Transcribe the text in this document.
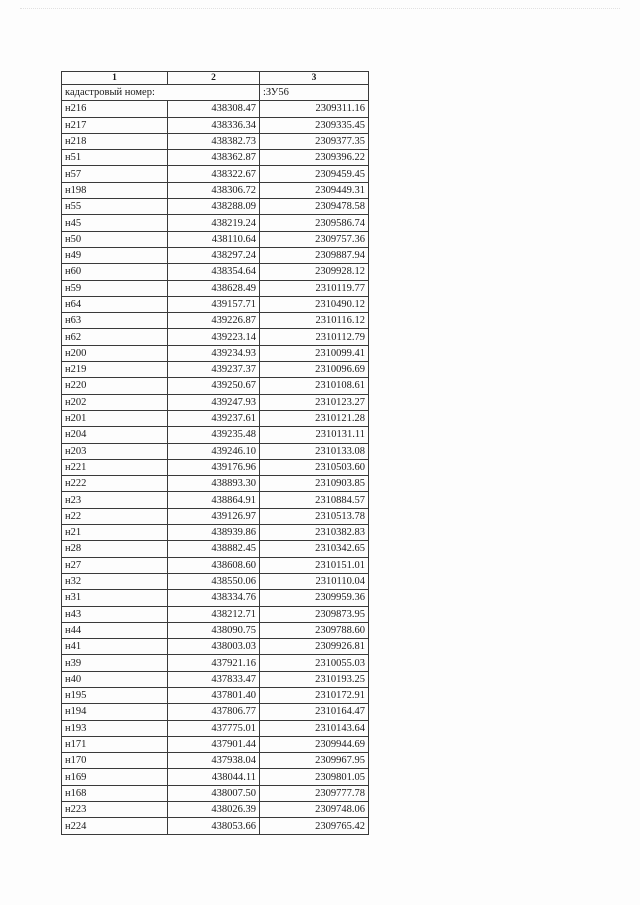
1	2	3
кадастровый номер:		:ЗУ56
н216	438308.47	2309311.16
н217	438336.34	2309335.45
н218	438382.73	2309377.35
н51	438362.87	2309396.22
н57	438322.67	2309459.45
н198	438306.72	2309449.31
н55	438288.09	2309478.58
н45	438219.24	2309586.74
н50	438110.64	2309757.36
н49	438297.24	2309887.94
н60	438354.64	2309928.12
н59	438628.49	2310119.77
н64	439157.71	2310490.12
н63	439226.87	2310116.12
н62	439223.14	2310112.79
н200	439234.93	2310099.41
н219	439237.37	2310096.69
н220	439250.67	2310108.61
н202	439247.93	2310123.27
н201	439237.61	2310121.28
н204	439235.48	2310131.11
н203	439246.10	2310133.08
н221	439176.96	2310503.60
н222	438893.30	2310903.85
н23	438864.91	2310884.57
н22	439126.97	2310513.78
н21	438939.86	2310382.83
н28	438882.45	2310342.65
н27	438608.60	2310151.01
н32	438550.06	2310110.04
н31	438334.76	2309959.36
н43	438212.71	2309873.95
н44	438090.75	2309788.60
н41	438003.03	2309926.81
н39	437921.16	2310055.03
н40	437833.47	2310193.25
н195	437801.40	2310172.91
н194	437806.77	2310164.47
н193	437775.01	2310143.64
н171	437901.44	2309944.69
н170	437938.04	2309967.95
н169	438044.11	2309801.05
н168	438007.50	2309777.78
н223	438026.39	2309748.06
н224	438053.66	2309765.42
